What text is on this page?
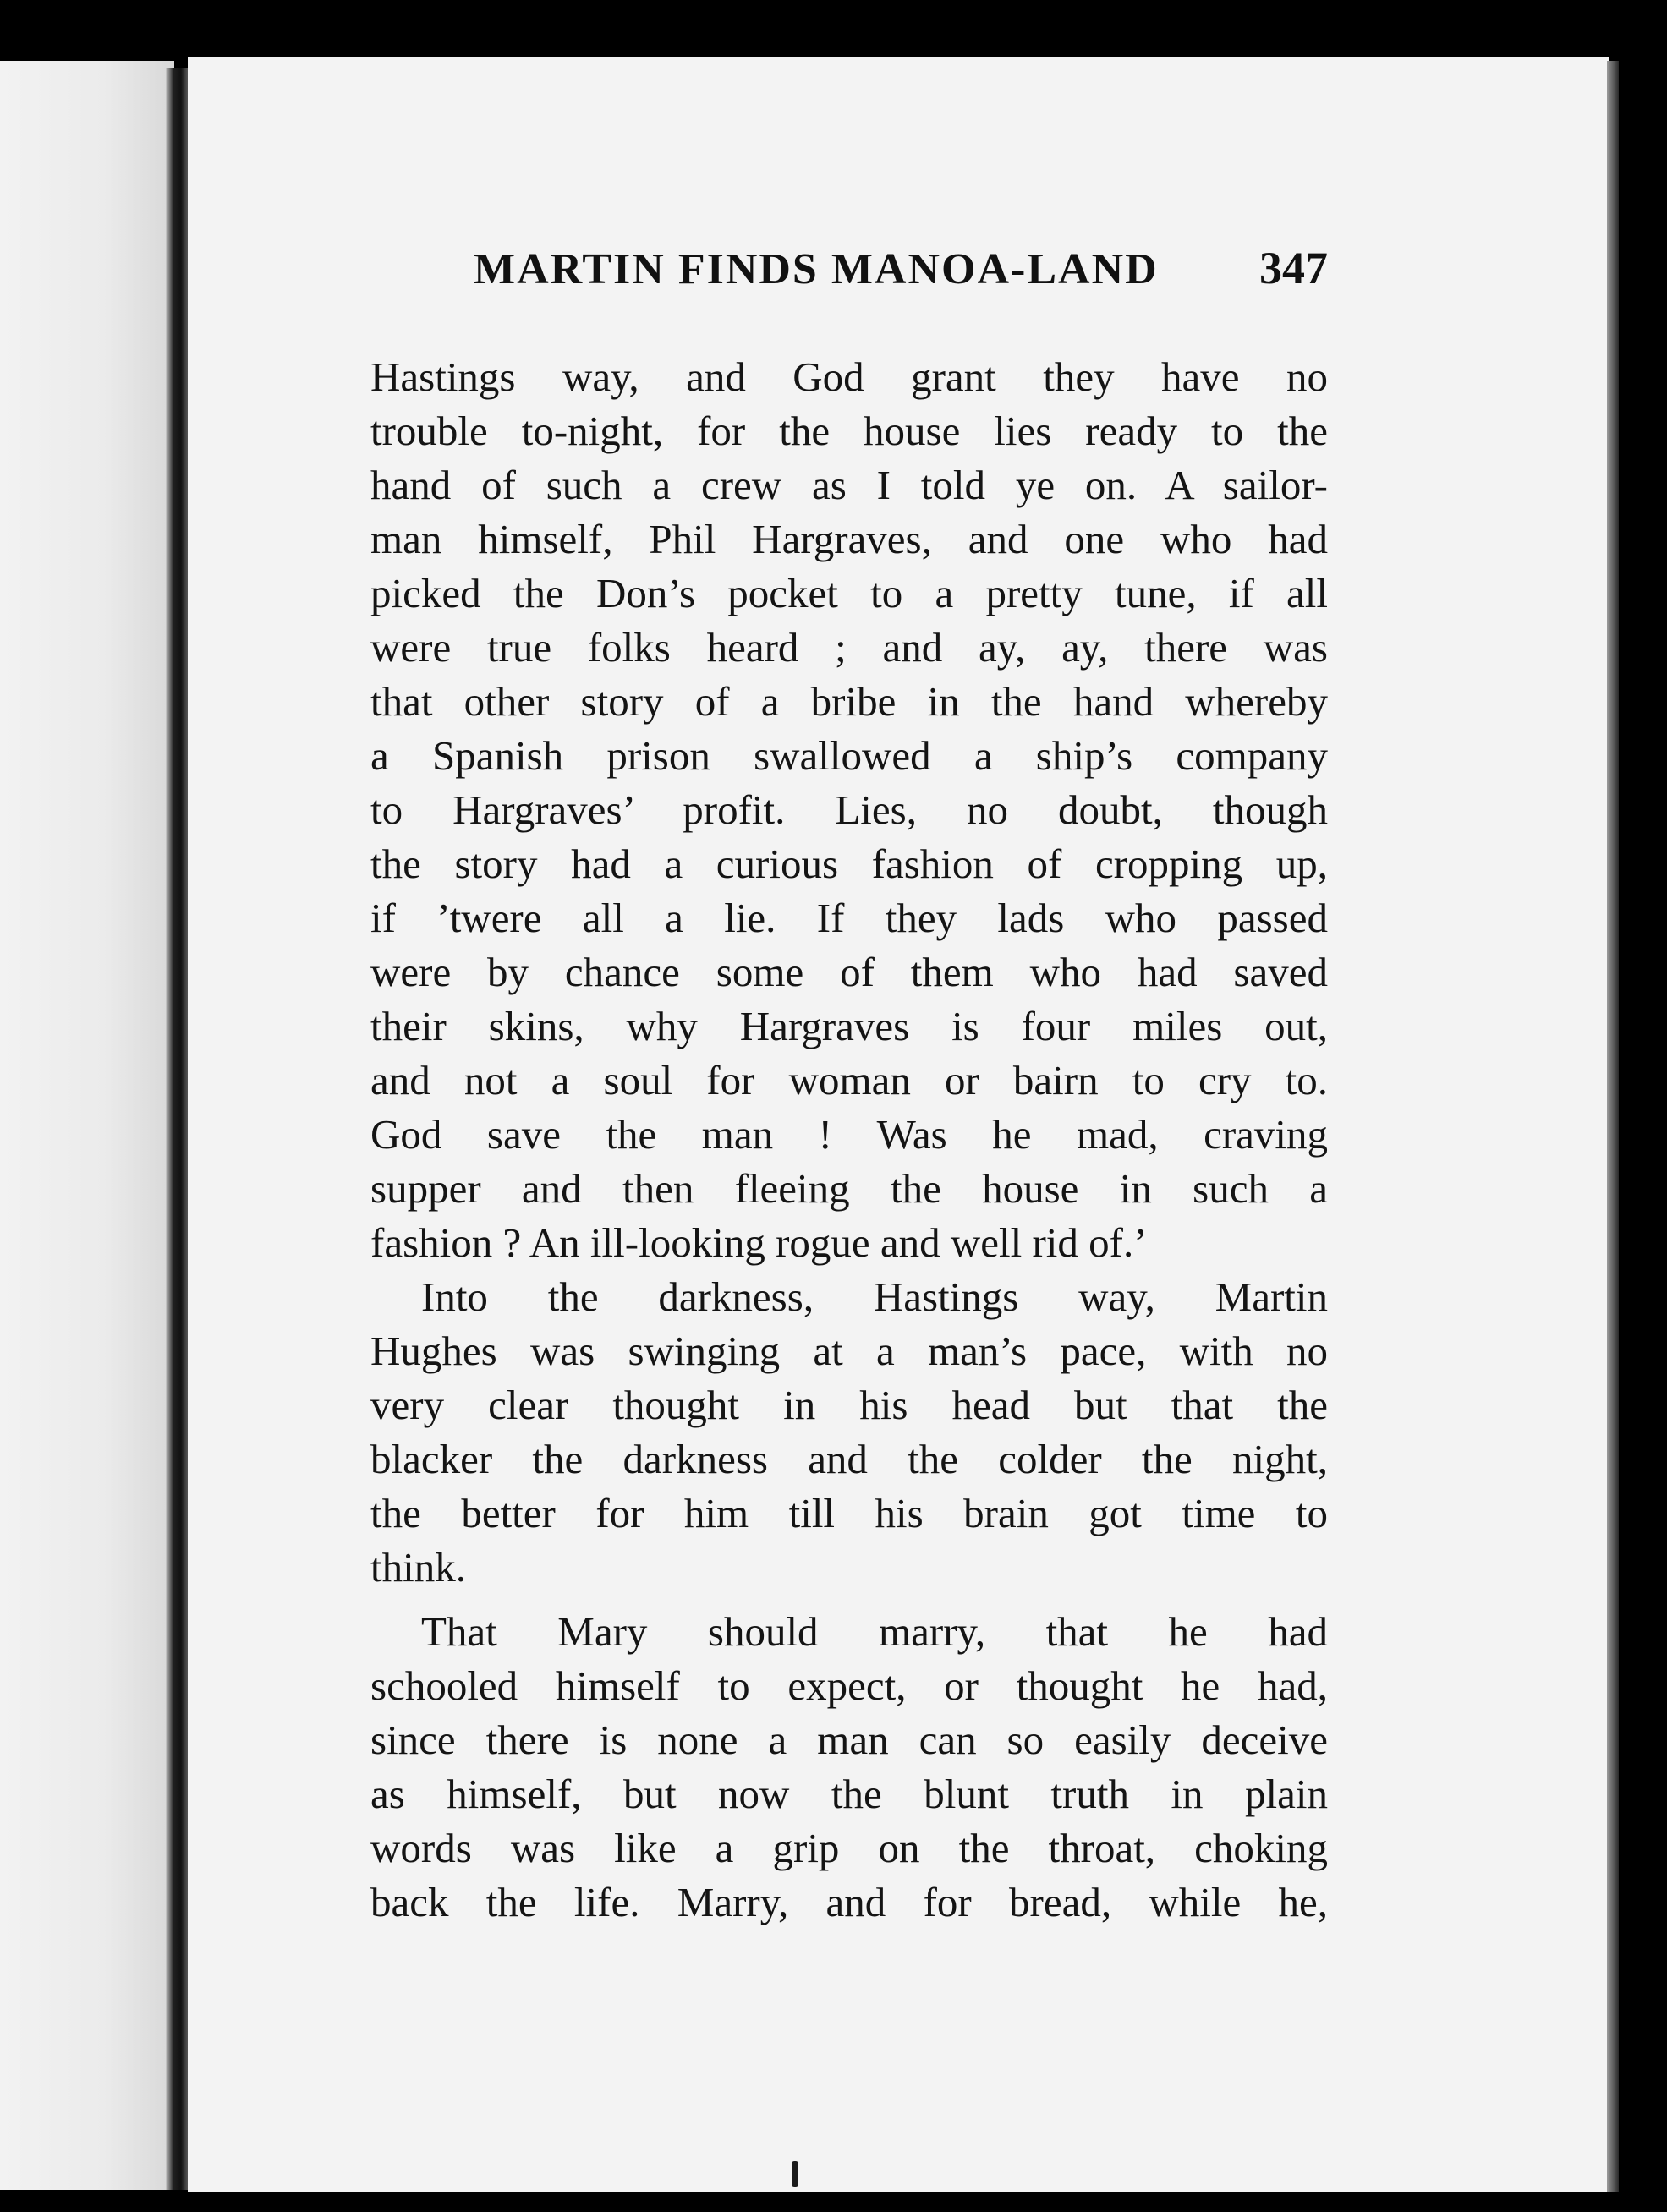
MARTIN FINDS MANOA-LAND 347
Hastings way, and God grant they have no
trouble to-night, for the house lies ready to the
hand of such a crew as I told ye on. A sailor-
man himself, Phil Hargraves, and one who had
picked the Don’s pocket to a pretty tune, if all
were true folks heard ; and ay, ay, there was
that other story of a bribe in the hand whereby
a Spanish prison swallowed a ship’s company
to Hargraves’ profit. Lies, no doubt, though
the story had a curious fashion of cropping up,
if ’twere all a lie. If they lads who passed
were by chance some of them who had saved
their skins, why Hargraves is four miles out,
and not a soul for woman or bairn to cry to.
God save the man ! Was he mad, craving
supper and then fleeing the house in such a
fashion ? An ill-looking rogue and well rid of.’
Into the darkness, Hastings way, Martin
Hughes was swinging at a man’s pace, with no
very clear thought in his head but that the
blacker the darkness and the colder the night,
the better for him till his brain got time to
think.
That Mary should marry, that he had
schooled himself to expect, or thought he had,
since there is none a man can so easily deceive
as himself, but now the blunt truth in plain
words was like a grip on the throat, choking
back the life. Marry, and for bread, while he,
